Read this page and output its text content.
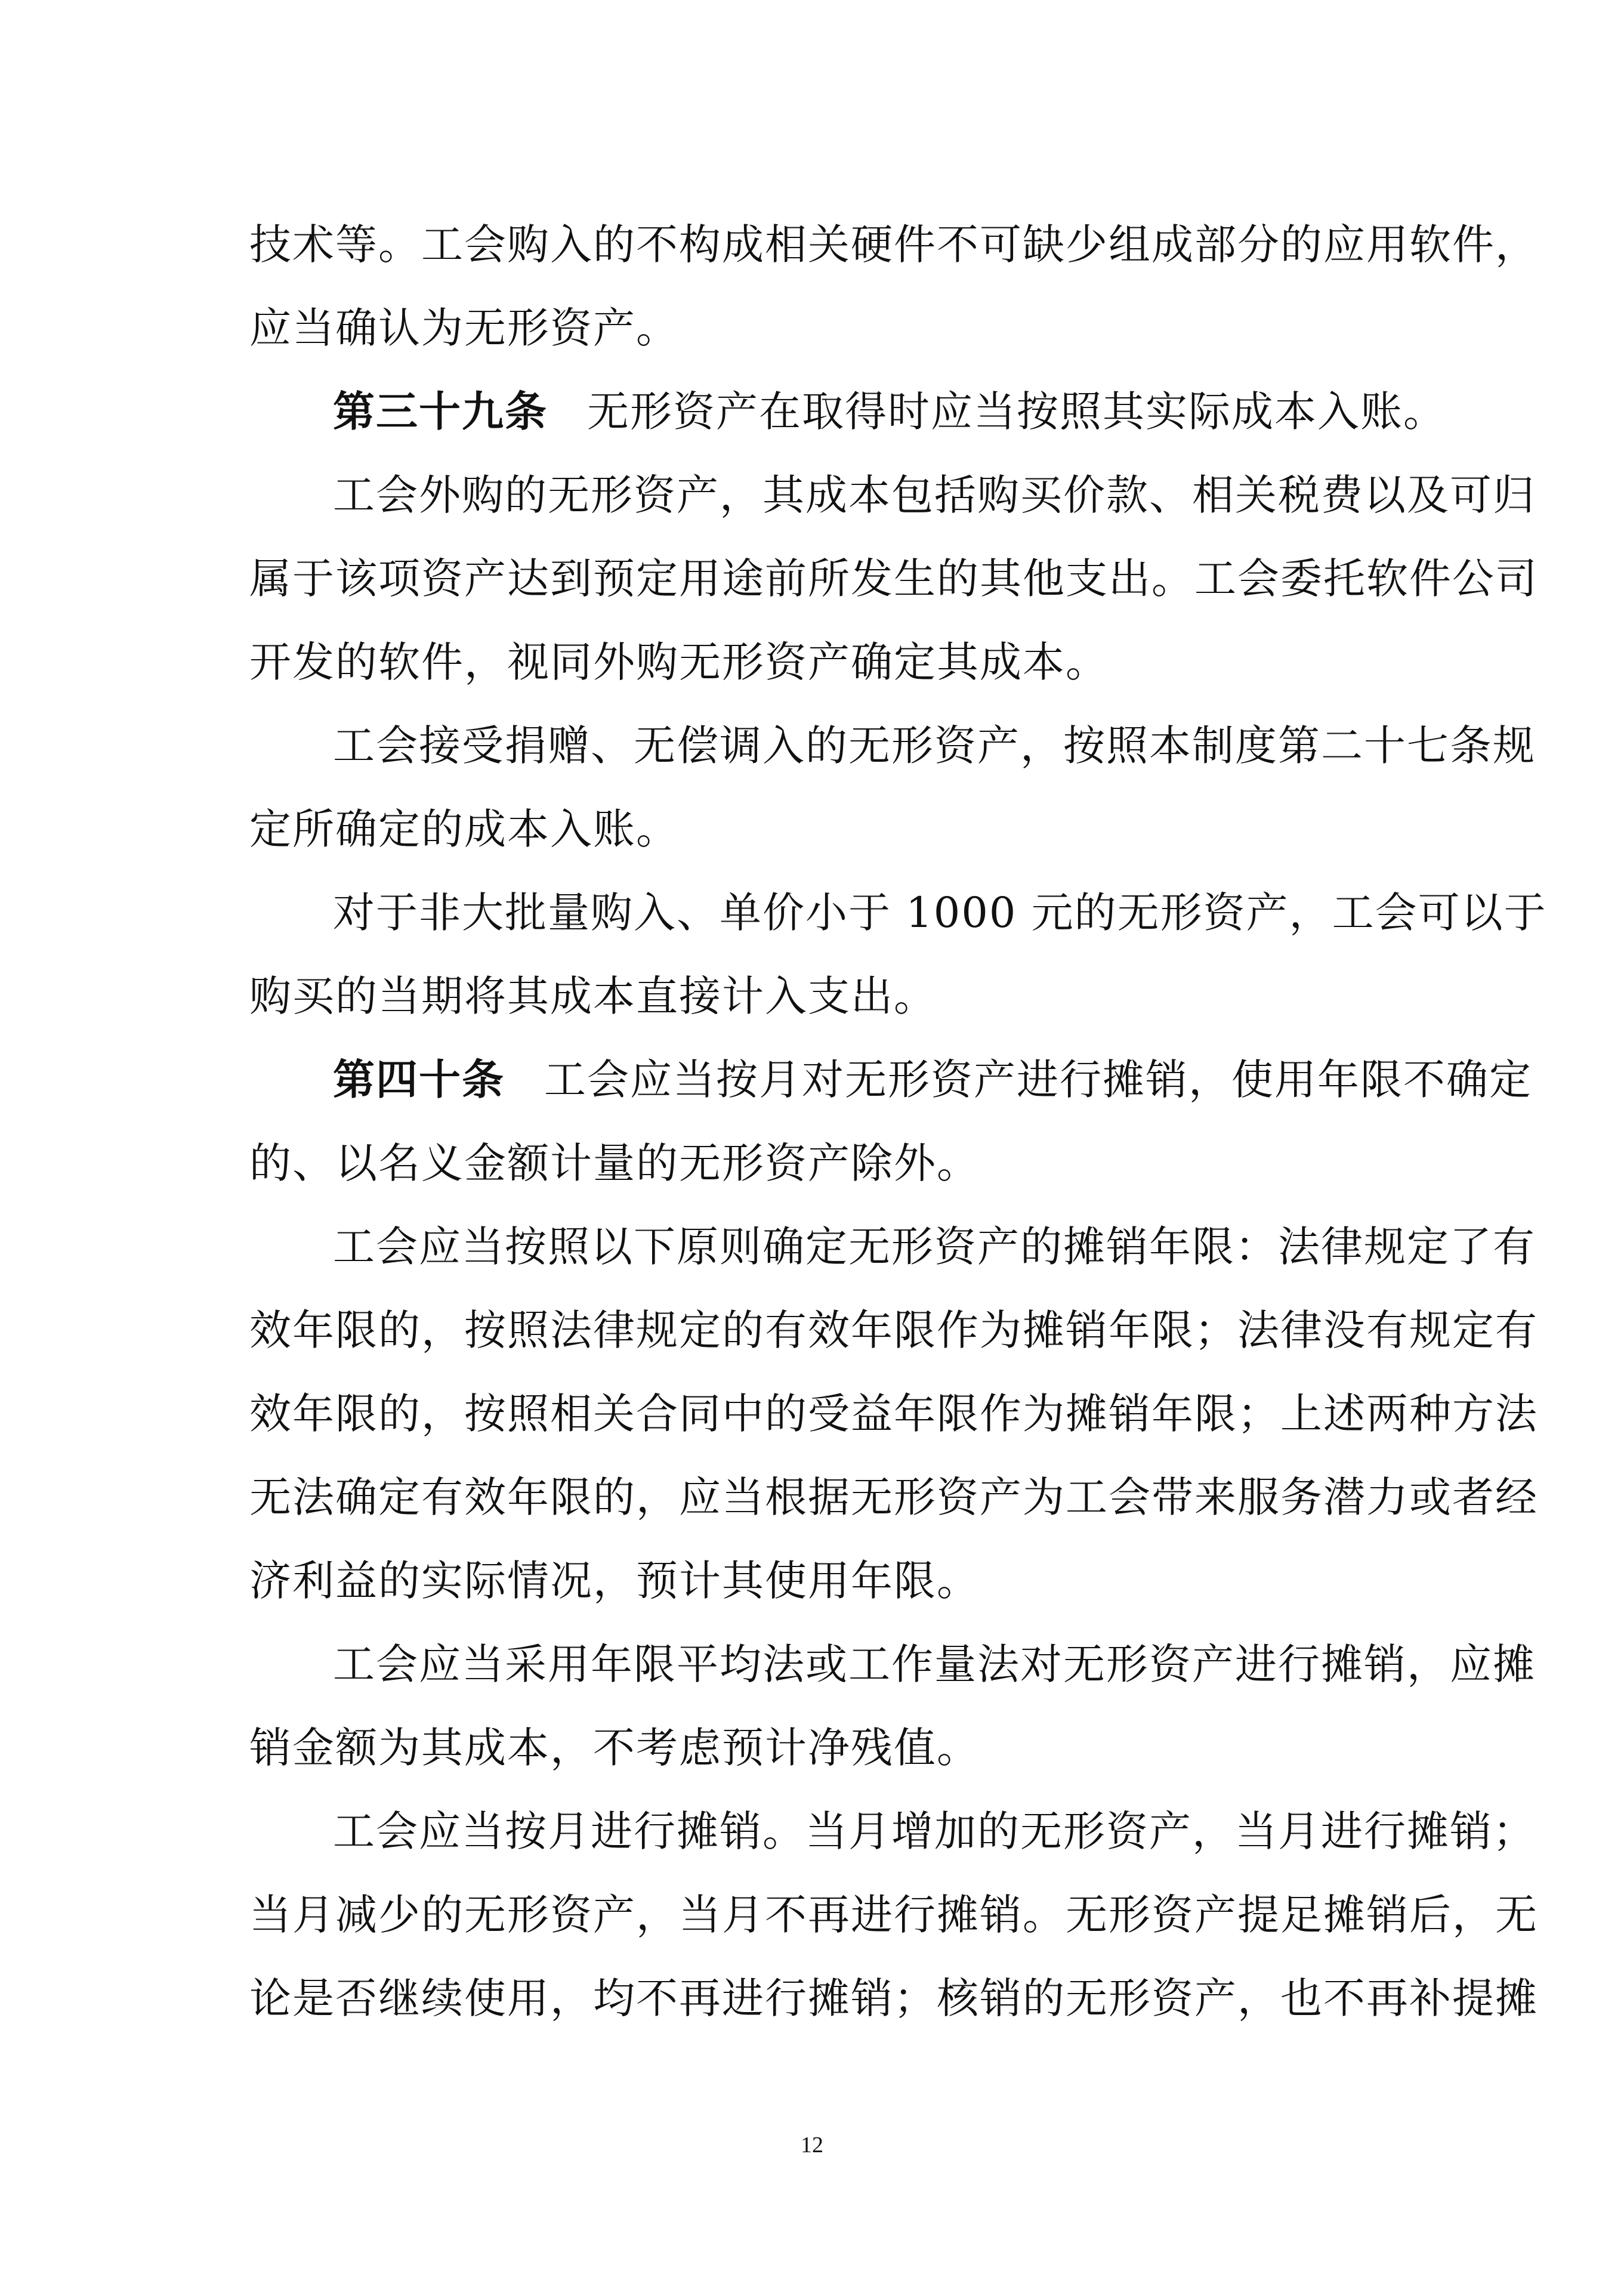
技术等。工会购入的不构成相关硬件不可缺少组成部分的应用软件，
应当确认为无形资产。
第三十九条 无形资产在取得时应当按照其实际成本入账。
工会外购的无形资产，其成本包括购买价款、相关税费以及可归
属于该项资产达到预定用途前所发生的其他支出。工会委托软件公司
开发的软件，视同外购无形资产确定其成本。
工会接受捐赠、无偿调入的无形资产，按照本制度第二十七条规
定所确定的成本入账。
对于非大批量购入、单价小于 1000 元的无形资产，工会可以于
购买的当期将其成本直接计入支出。
第四十条 工会应当按月对无形资产进行摊销，使用年限不确定
的、以名义金额计量的无形资产除外。
工会应当按照以下原则确定无形资产的摊销年限：法律规定了有
效年限的，按照法律规定的有效年限作为摊销年限；法律没有规定有
效年限的，按照相关合同中的受益年限作为摊销年限；上述两种方法
无法确定有效年限的，应当根据无形资产为工会带来服务潜力或者经
济利益的实际情况，预计其使用年限。
工会应当采用年限平均法或工作量法对无形资产进行摊销，应摊
销金额为其成本，不考虑预计净残值。
工会应当按月进行摊销。当月增加的无形资产，当月进行摊销；
当月减少的无形资产，当月不再进行摊销。无形资产提足摊销后，无
论是否继续使用，均不再进行摊销；核销的无形资产，也不再补提摊
12
